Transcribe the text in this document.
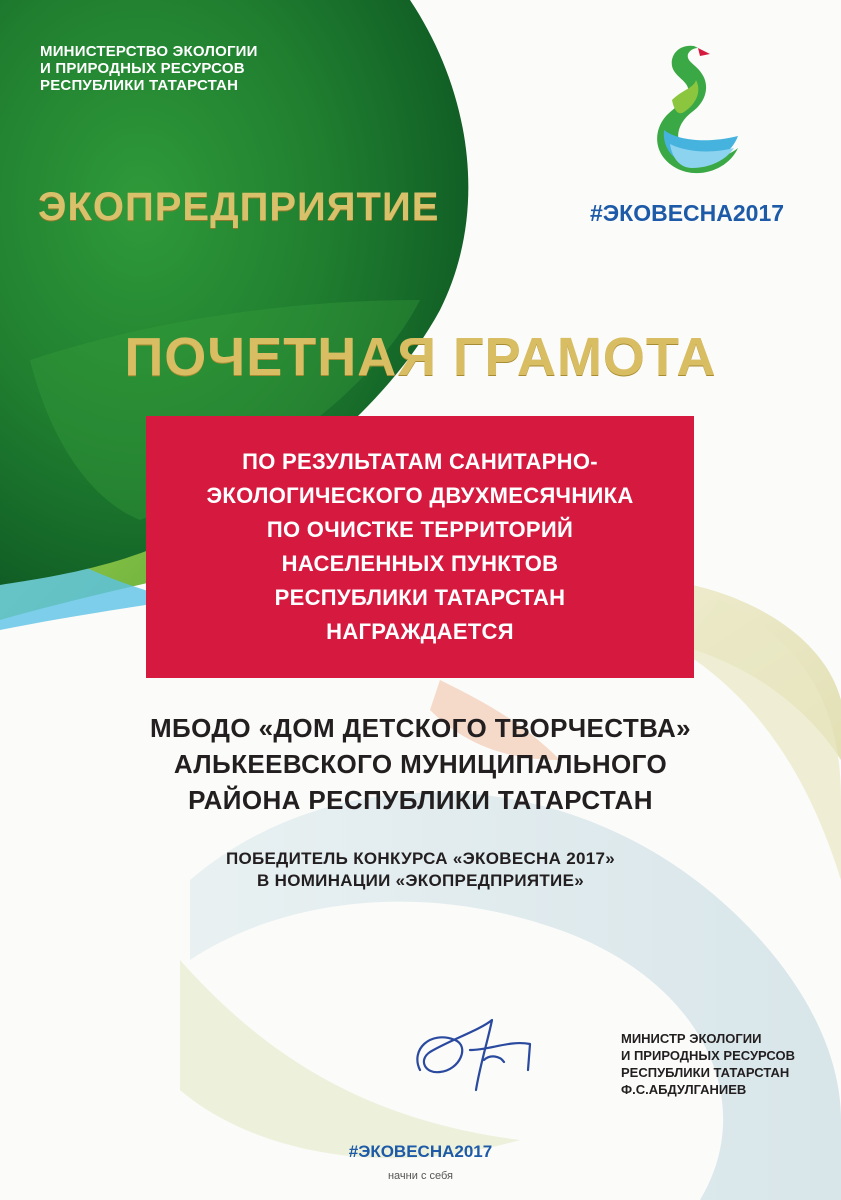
МИНИСТЕРСТВО ЭКОЛОГИИ
И ПРИРОДНЫХ РЕСУРСОВ
РЕСПУБЛИКИ ТАТАРСТАН
ЭКОПРЕДПРИЯТИЕ	#ЭКОВЕСНА2017
ПОЧЕТНАЯ ГРАМОТА
ПО РЕЗУЛЬТАТАМ САНИТАРНО-
ЭКОЛОГИЧЕСКОГО ДВУХМЕСЯЧНИКА
ПО ОЧИСТКЕ ТЕРРИТОРИЙ
НАСЕЛЕННЫХ ПУНКТОВ
РЕСПУБЛИКИ ТАТАРСТАН
НАГРАЖДАЕТСЯ
МБОДО «ДОМ ДЕТСКОГО ТВОРЧЕСТВА»
АЛЬКЕЕВСКОГО МУНИЦИПАЛЬНОГО
РАЙОНА РЕСПУБЛИКИ ТАТАРСТАН
ПОБЕДИТЕЛЬ КОНКУРСА «ЭКОВЕСНА 2017»
В НОМИНАЦИИ «ЭКОПРЕДПРИЯТИЕ»
МИНИСТР ЭКОЛОГИИ
И ПРИРОДНЫХ РЕСУРСОВ
РЕСПУБЛИКИ ТАТАРСТАН
Ф.С.АБДУЛГАНИЕВ
#ЭКОВЕСНА2017
начни с себя
